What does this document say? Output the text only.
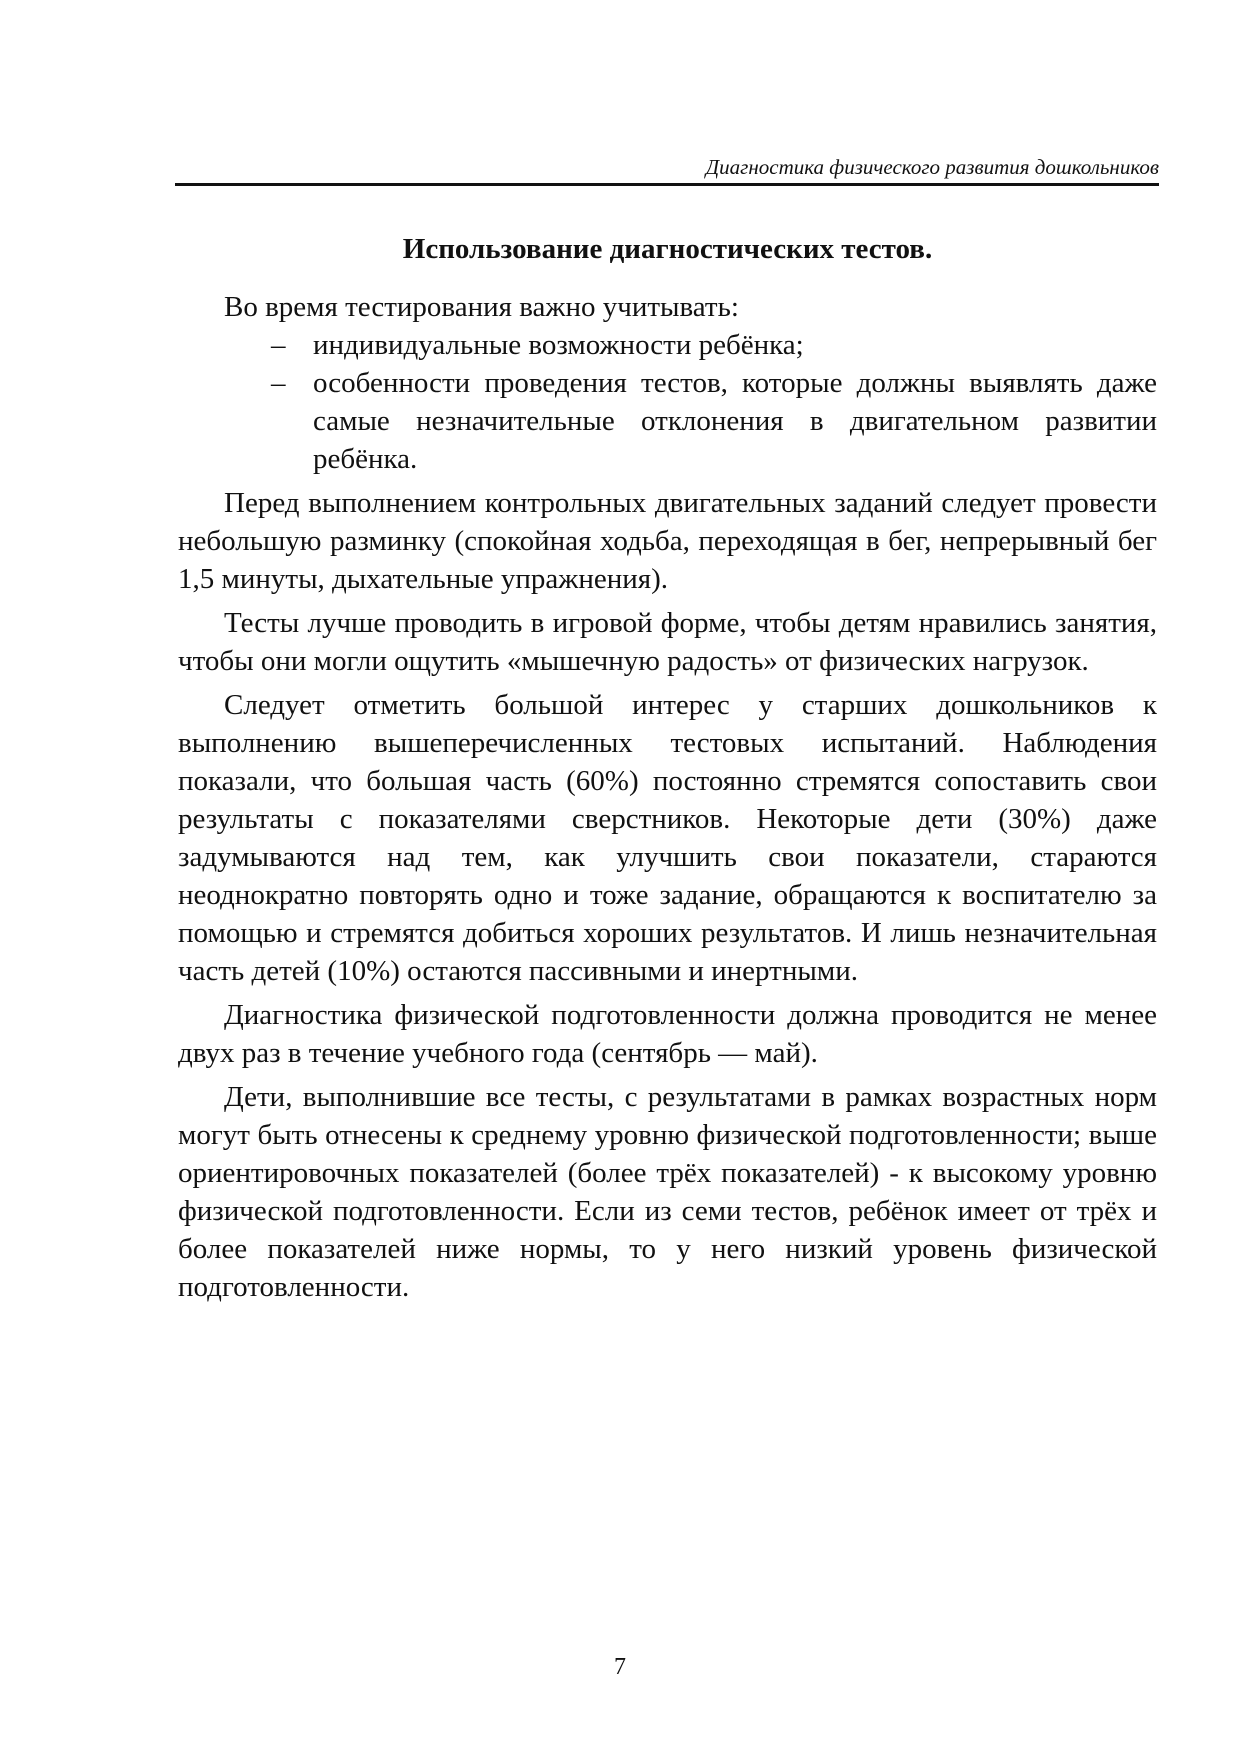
Диагностика физического развития дошкольников
Использование диагностических тестов.

Во время тестирования важно учитывать:

– индивидуальные возможности ребёнка;
– особенности проведения тестов, которые должны выявлять даже самые незначительные отклонения в двигательном развитии ребёнка.

Перед выполнением контрольных двигательных заданий следует провести небольшую разминку (спокойная ходьба, переходящая в бег, непрерывный бег 1,5 минуты, дыхательные упражнения).

Тесты лучше проводить в игровой форме, чтобы детям нравились занятия, чтобы они могли ощутить «мышечную радость» от физических нагрузок.

Следует отметить большой интерес у старших дошкольников к выполнению вышеперечисленных тестовых испытаний. Наблюдения показали, что большая часть (60%) постоянно стремятся сопоставить свои результаты с показателями сверстников. Некоторые дети (30%) даже задумываются над тем, как улучшить свои показатели, стараются неоднократно повторять одно и тоже задание, обращаются к воспитателю за помощью и стремятся добиться хороших результатов. И лишь незначительная часть детей (10%) остаются пассивными и инертными.

Диагностика физической подготовленности должна проводится не менее двух раз в течение учебного года (сентябрь — май).

Дети, выполнившие все тесты, с результатами в рамках возрастных норм могут быть отнесены к среднему уровню физической подготовленности; выше ориентировочных показателей (более трёх показателей) - к высокому уровню физической подготовленности. Если из семи тестов, ребёнок имеет от трёх и более показателей ниже нормы, то у него низкий уровень физической подготовленности.

7
